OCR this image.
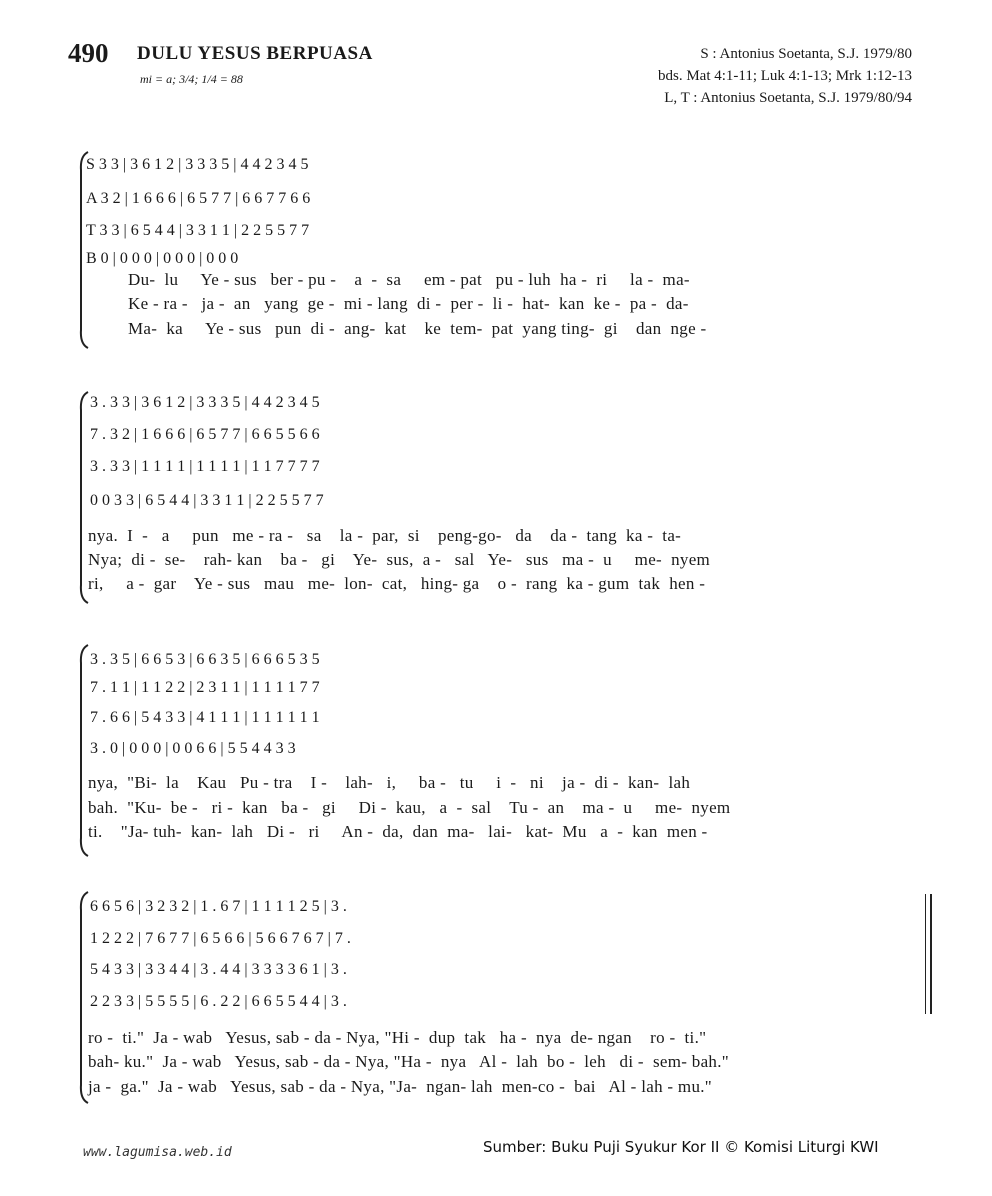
490 DULU YESUS BERPUASA
mi = a; 3/4; 1/4 = 88
S : Antonius Soetanta, S.J. 1979/80
bds. Mat 4:1-11; Luk 4:1-13; Mrk 1:12-13
L, T : Antonius Soetanta, S.J. 1979/80/94
S 3 3 | 3 6 1 2 | 3 3 3 5 | 4 4 2 3 4 5
A 3 2 | 1 6 6 6 | 6 5 7 7 | 6 6 7 7 6 6
T 3 3 | 6 5 4 4 | 3 3 1 1 | 2 2 5 5 7 7
B 0 | 0 0 0 | 0 0 0 | 0 0 0
Du-  lu     Ye - sus   ber - pu -    a  -  sa     em - pat   pu - luh  ha -  ri     la -  ma-
Ke - ra -   ja -  an   yang  ge -  mi - lang  di -  per -  li -  hat-  kan  ke -  pa -  da-
Ma-  ka     Ye - sus   pun  di -  ang-  kat    ke  tem-  pat  yang ting-  gi    dan  nge -
3 . 3 3 | 3 6 1 2 | 3 3 3 5 | 4 4 2 3 4 5
7 . 3 2 | 1 6 6 6 | 6 5 7 7 | 6 6 5 5 6 6
3 . 3 3 | 1 1 1 1 | 1 1 1 1 | 1 1 7 7 7 7
0 0 3 3 | 6 5 4 4 | 3 3 1 1 | 2 2 5 5 7 7
nya.  I  -   a     pun   me - ra -   sa    la -  par,  si    peng-go-   da    da -  tang  ka -  ta-
Nya;  di -  se-    rah- kan    ba -   gi    Ye-  sus,  a -   sal   Ye-   sus   ma -  u     me-  nyem
ri,     a -  gar    Ye - sus   mau   me-  lon-  cat,   hing- ga    o -  rang  ka - gum  tak  hen -
3 . 3 5 | 6 6 5 3 | 6 6 3 5 | 6 6 6 5 3 5
7 . 1 1 | 1 1 2 2 | 2 3 1 1 | 1 1 1 1 7 7
7 . 6 6 | 5 4 3 3 | 4 1 1 1 | 1 1 1 1 1 1
3 . 0 | 0 0 0 | 0 0 6 6 | 5 5 4 4 3 3
nya,  "Bi-  la    Kau   Pu - tra    I -    lah-   i,     ba -   tu     i  -   ni    ja -  di -  kan-  lah
bah.  "Ku-  be -   ri -  kan   ba -   gi     Di -  kau,   a  -  sal    Tu -  an    ma -  u     me-  nyem
ti.    "Ja- tuh-  kan-  lah   Di -   ri     An -  da,  dan  ma-   lai-   kat-  Mu   a  -  kan  men -
6 6 5 6 | 3 2 3 2 | 1 . 6 7 | 1 1 1 1 2 5 | 3 .
1 2 2 2 | 7 6 7 7 | 6 5 6 6 | 5 6 6 7 6 7 | 7 .
5 4 3 3 | 3 3 4 4 | 3 . 4 4 | 3 3 3 3 6 1 | 3 .
2 2 3 3 | 5 5 5 5 | 6 . 2 2 | 6 6 5 5 4 4 | 3 .
ro -  ti."  Ja - wab   Yesus, sab - da - Nya, "Hi -  dup  tak   ha -  nya  de- ngan    ro -  ti."
bah- ku."  Ja - wab   Yesus, sab - da - Nya, "Ha -  nya   Al -  lah  bo -  leh   di -  sem- bah."
ja -  ga."  Ja - wab   Yesus, sab - da - Nya, "Ja-  ngan- lah  men-co -  bai   Al - lah - mu."
www.lagumisa.web.id	Sumber: Buku Puji Syukur Kor II © Komisi Liturgi KWI
